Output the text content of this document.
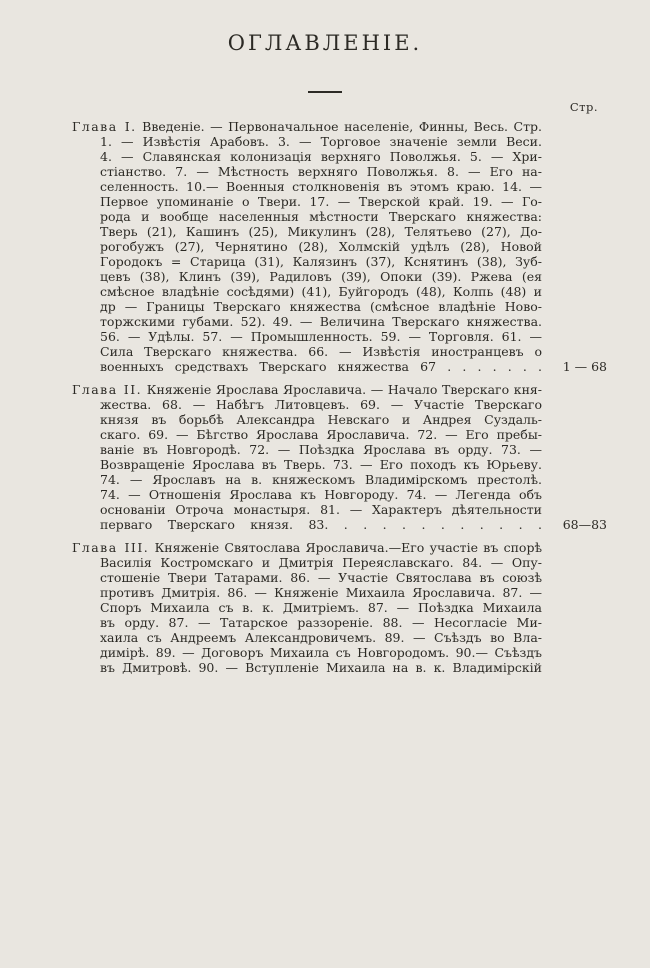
ОГЛАВЛЕНІЕ.
Стр.
Глава I. Введеніе. — Первоначальное населеніе, Финны, Весь. Стр.
1. — Извѣстія Арабовъ. 3. — Торговое значеніе земли Веси.
4. — Славянская колонизація верхняго Поволжья. 5. — Хри-
стіанство. 7. — Мѣстность верхняго Поволжья. 8. — Его на-
селенность. 10.— Военныя столкновенія въ этомъ краю. 14. —
Первое упоминаніе о Твери. 17. — Тверской край. 19. — Го-
рода и вообще населенныя мѣстности Тверскаго княжества:
Тверь (21), Кашинъ (25), Микулинъ (28), Телятьево (27), До-
рогобужъ (27), Чернятино (28), Холмскій удѣлъ (28), Новой
Городокъ = Старица (31), Калязинъ (37), Кснятинъ (38), Зуб-
цевъ (38), Клинъ (39), Радиловъ (39), Опоки (39). Ржева (ея
смѣсное владѣніе сосѣдями) (41), Буйгородъ (48), Колпь (48) и
др — Границы Тверскаго княжества (смѣсное владѣніе Ново-
торжскими губами. 52). 49. — Величина Тверскаго княжества.
56. — Удѣлы. 57. — Промышленность. 59. — Торговля. 61. —
Сила Тверскаго княжества. 66. — Извѣстія иностранцевъ о
военныхъ средствахъ Тверскаго княжества 67 . . . . . . .	1 — 68
Глава II. Княженіе Ярослава Ярославича. — Начало Тверскаго кня-
жества. 68. — Набѣгъ Литовцевъ. 69. — Участіе Тверскаго
князя въ борьбѣ Александра Невскаго и Андрея Суздаль-
скаго. 69. — Бѣгство Ярослава Ярославича. 72. — Его пребы-
ваніе въ Новгородѣ. 72. — Поѣздка Ярослава въ орду. 73. —
Возвращеніе Ярослава въ Тверь. 73. — Его походъ къ Юрьеву.
74. — Ярославъ на в. княжескомъ Владимірскомъ престолѣ.
74. — Отношенія Ярослава къ Новгороду. 74. — Легенда объ
основаніи Отроча монастыря. 81. — Характеръ дѣятельности
перваго Тверскаго князя. 83. . . . . . . . . . . .	68—83
Глава III. Княженіе Святослава Ярославича.—Его участіе въ спорѣ
Василія Костромскаго и Дмитрія Переяславскаго. 84. — Опу-
стошеніе Твери Татарами. 86. — Участіе Святослава въ союзѣ
противъ Дмитрія. 86. — Княженіе Михаила Ярославича. 87. —
Споръ Михаила съ в. к. Дмитріемъ. 87. — Поѣздка Михаила
въ орду. 87. — Татарское раззореніе. 88. — Несогласіе Ми-
хаила съ Андреемъ Александровичемъ. 89. — Съѣздъ во Вла-
димірѣ. 89. — Договоръ Михаила съ Новгородомъ. 90.— Съѣздъ
въ Дмитровѣ. 90. — Вступленіе Михаила на в. к. Владимірскій
